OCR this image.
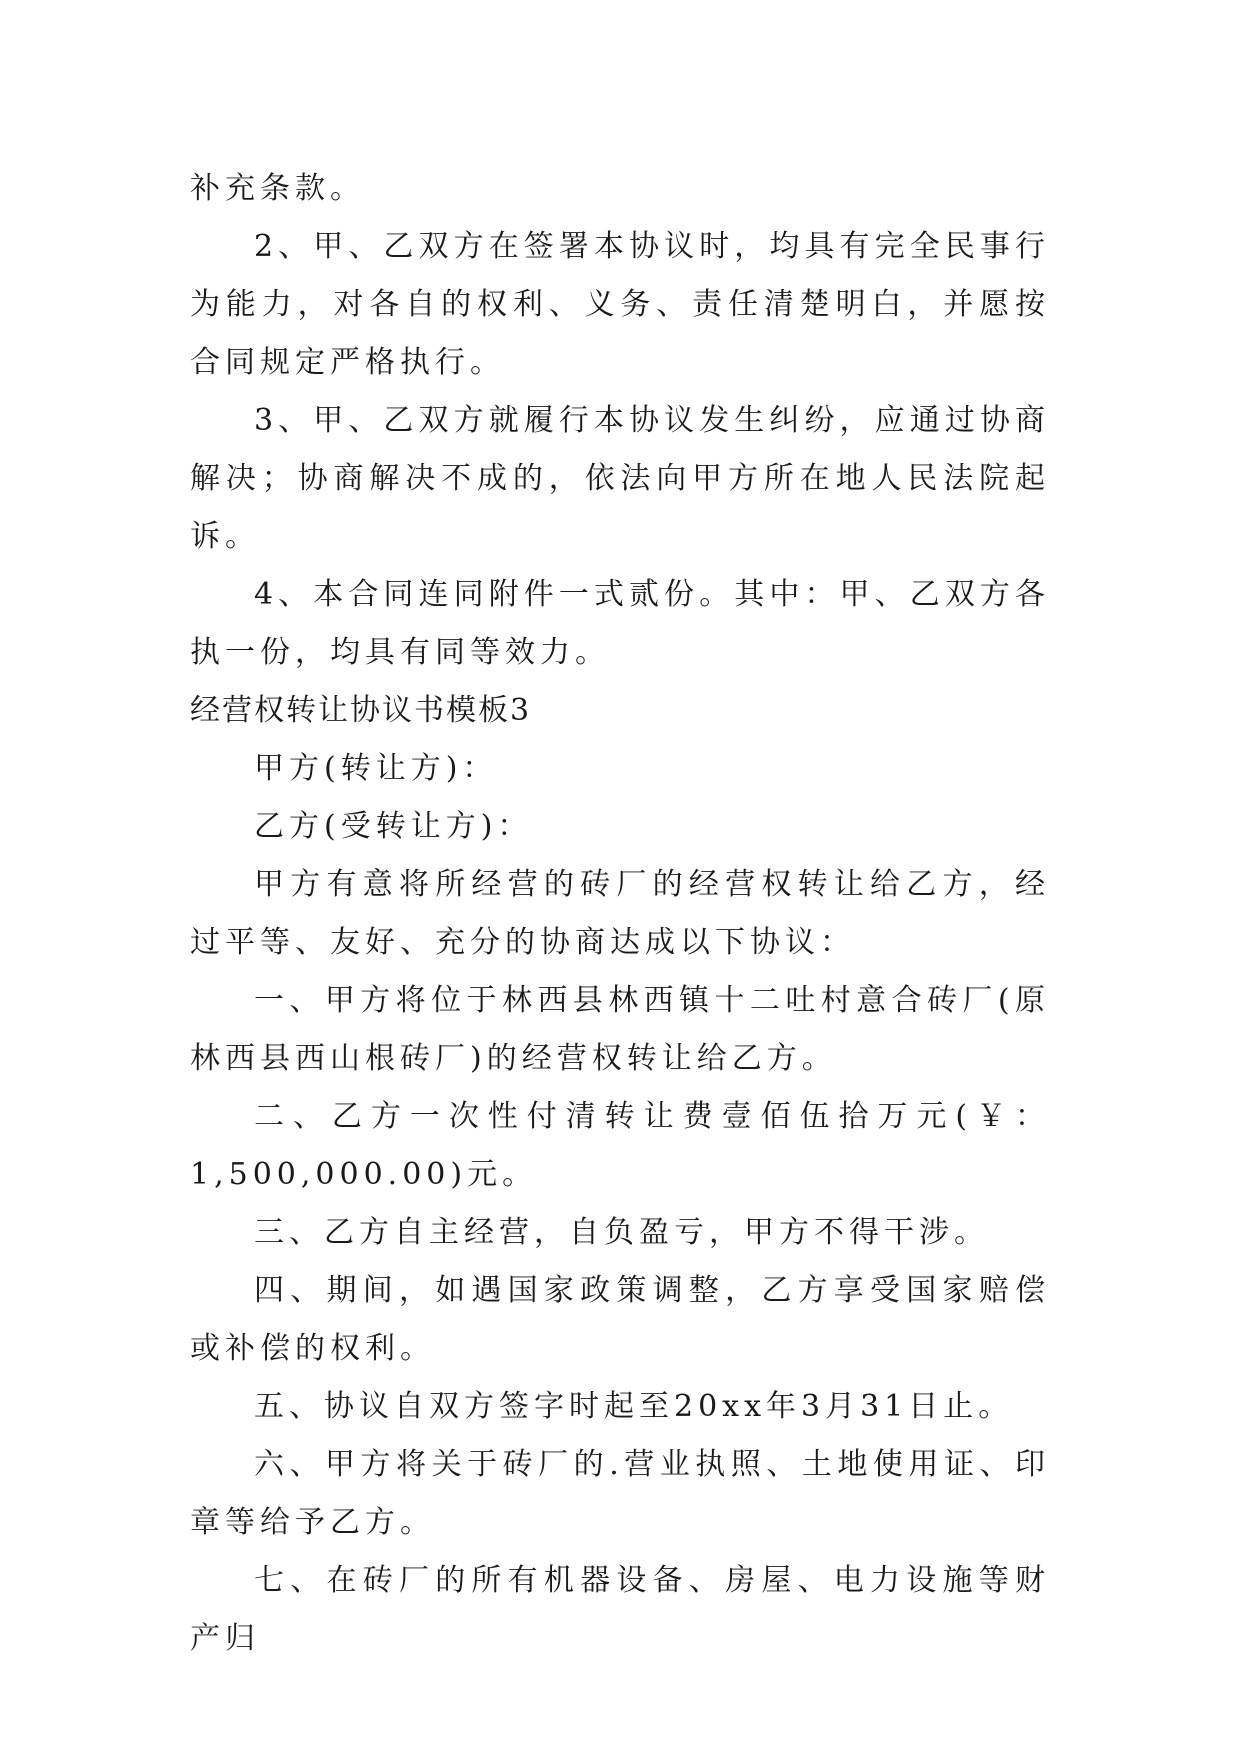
补充条款。

2、甲、乙双方在签署本协议时，均具有完全民事行为能力，对各自的权利、义务、责任清楚明白，并愿按合同规定严格执行。

3、甲、乙双方就履行本协议发生纠纷，应通过协商解决；协商解决不成的，依法向甲方所在地人民法院起诉。

4、本合同连同附件一式贰份。其中：甲、乙双方各执一份，均具有同等效力。

经营权转让协议书模板3

甲方(转让方)：

乙方(受转让方)：

甲方有意将所经营的砖厂的经营权转让给乙方，经过平等、友好、充分的协商达成以下协议：

一、甲方将位于林西县林西镇十二吐村意合砖厂(原林西县西山根砖厂)的经营权转让给乙方。

二、乙方一次性付清转让费壹佰伍拾万元(￥：1,500,000.00)元。

三、乙方自主经营，自负盈亏，甲方不得干涉。

四、期间，如遇国家政策调整，乙方享受国家赔偿或补偿的权利。

五、协议自双方签字时起至20xx年3月31日止。

六、甲方将关于砖厂的.营业执照、土地使用证、印章等给予乙方。

七、在砖厂的所有机器设备、房屋、电力设施等财产归
